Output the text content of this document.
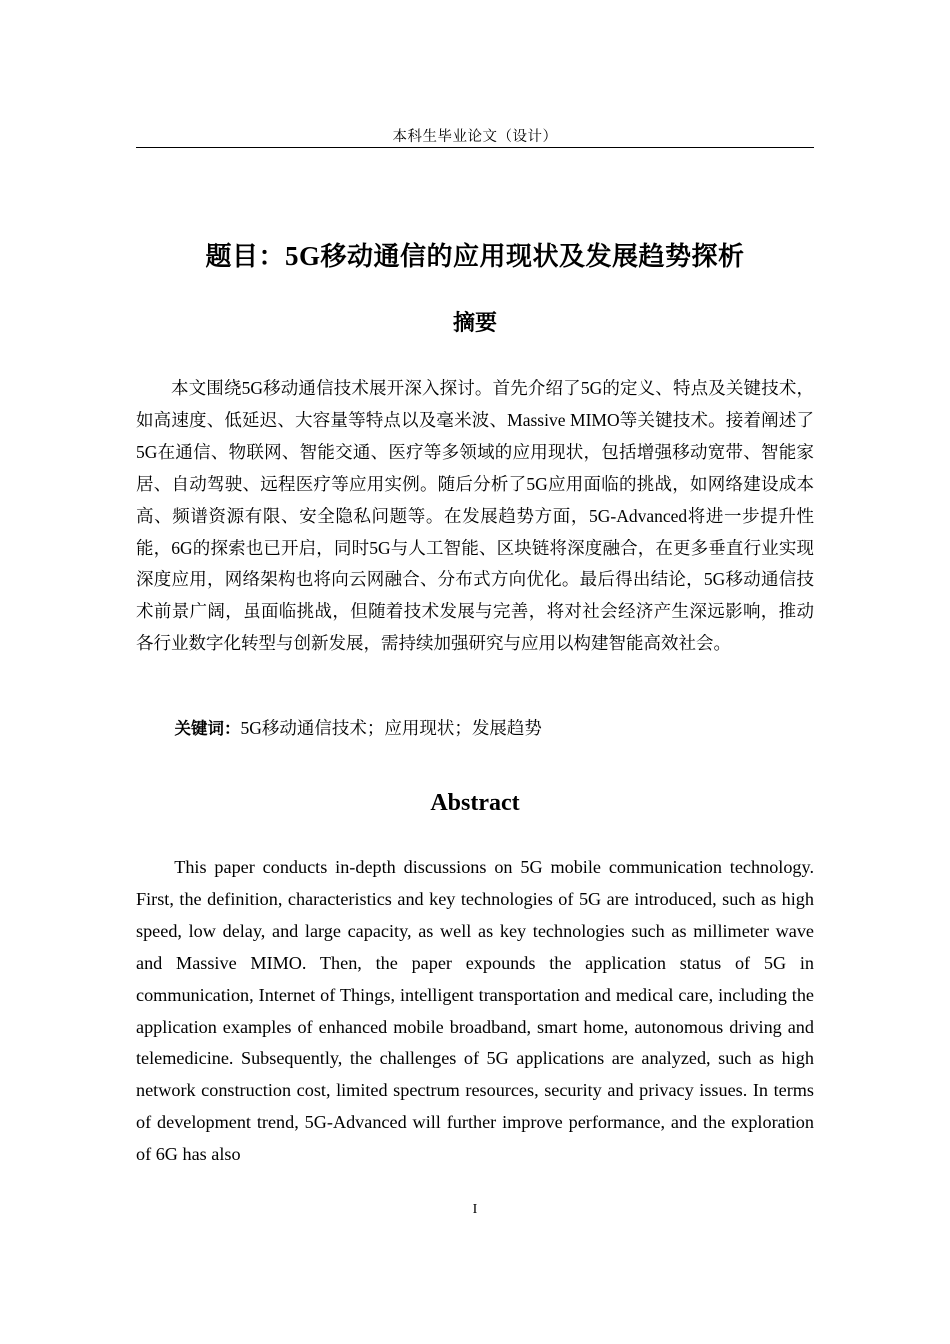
本科生毕业论文（设计）
题目：5G移动通信的应用现状及发展趋势探析
摘要

本文围绕5G移动通信技术展开深入探讨。首先介绍了5G的定义、特点及关键技术，如高速度、低延迟、大容量等特点以及毫米波、Massive MIMO等关键技术。接着阐述了5G在通信、物联网、智能交通、医疗等多领域的应用现状，包括增强移动宽带、智能家居、自动驾驶、远程医疗等应用实例。随后分析了5G应用面临的挑战，如网络建设成本高、频谱资源有限、安全隐私问题等。在发展趋势方面，5G-Advanced将进一步提升性能，6G的探索也已开启，同时5G与人工智能、区块链将深度融合，在更多垂直行业实现深度应用，网络架构也将向云网融合、分布式方向优化。最后得出结论，5G移动通信技术前景广阔，虽面临挑战，但随着技术发展与完善，将对社会经济产生深远影响，推动各行业数字化转型与创新发展，需持续加强研究与应用以构建智能高效社会。

关键词：5G移动通信技术；应用现状；发展趋势
Abstract

This paper conducts in-depth discussions on 5G mobile communication technology. First, the definition, characteristics and key technologies of 5G are introduced, such as high speed, low delay, and large capacity, as well as key technologies such as millimeter wave and Massive MIMO. Then, the paper expounds the application status of 5G in communication, Internet of Things, intelligent transportation and medical care, including the application examples of enhanced mobile broadband, smart home, autonomous driving and telemedicine. Subsequently, the challenges of 5G applications are analyzed, such as high network construction cost, limited spectrum resources, security and privacy issues. In terms of development trend, 5G-Advanced will further improve performance, and the exploration of 6G has also

I
